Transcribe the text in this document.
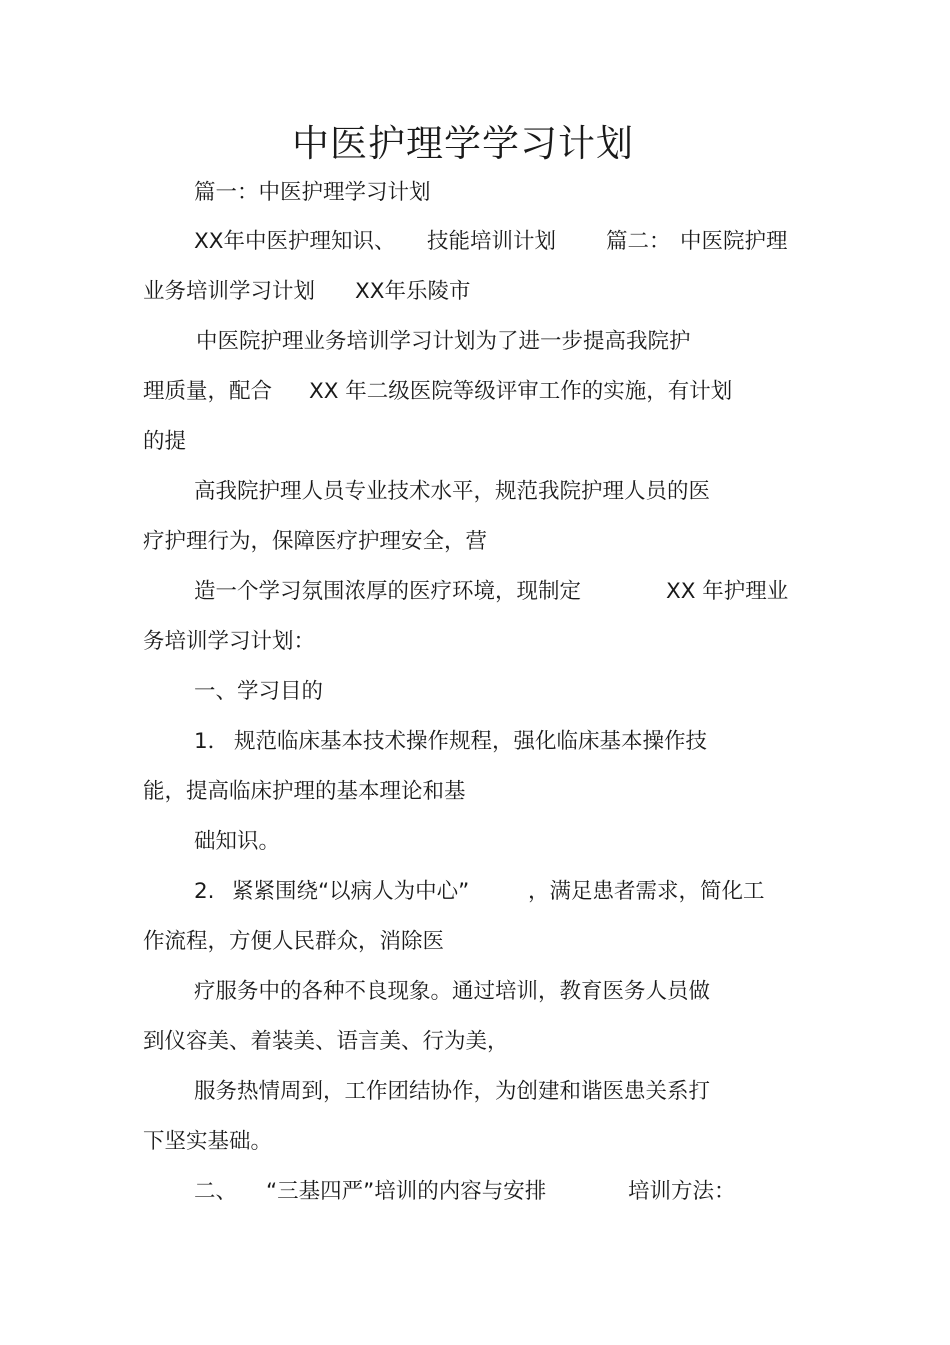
中医护理学学习计划
篇一：中医护理学习计划
XX年中医护理知识、 技能培训计划 篇二： 中医院护理
业务培训学习计划 XX年乐陵市
中医院护理业务培训学习计划为了进一步提高我院护
理质量，配合 XX 年二级医院等级评审工作的实施，有计划
的提
高我院护理人员专业技术水平，规范我院护理人员的医
疗护理行为，保障医疗护理安全，营
造一个学习氛围浓厚的医疗环境，现制定	XX 年护理业
务培训学习计划：
一、学习目的
1． 规范临床基本技术操作规程，强化临床基本操作技
能，提高临床护理的基本理论和基
础知识。
2. 紧紧围绕“以病人为中心”	，满足患者需求，简化工
作流程，方便人民群众，消除医
疗服务中的各种不良现象。通过培训，教育医务人员做
到仪容美、着装美、语言美、行为美，
服务热情周到，工作团结协作，为创建和谐医患关系打
下坚实基础。
二、 “三基四严”培训的内容与安排	培训方法：
